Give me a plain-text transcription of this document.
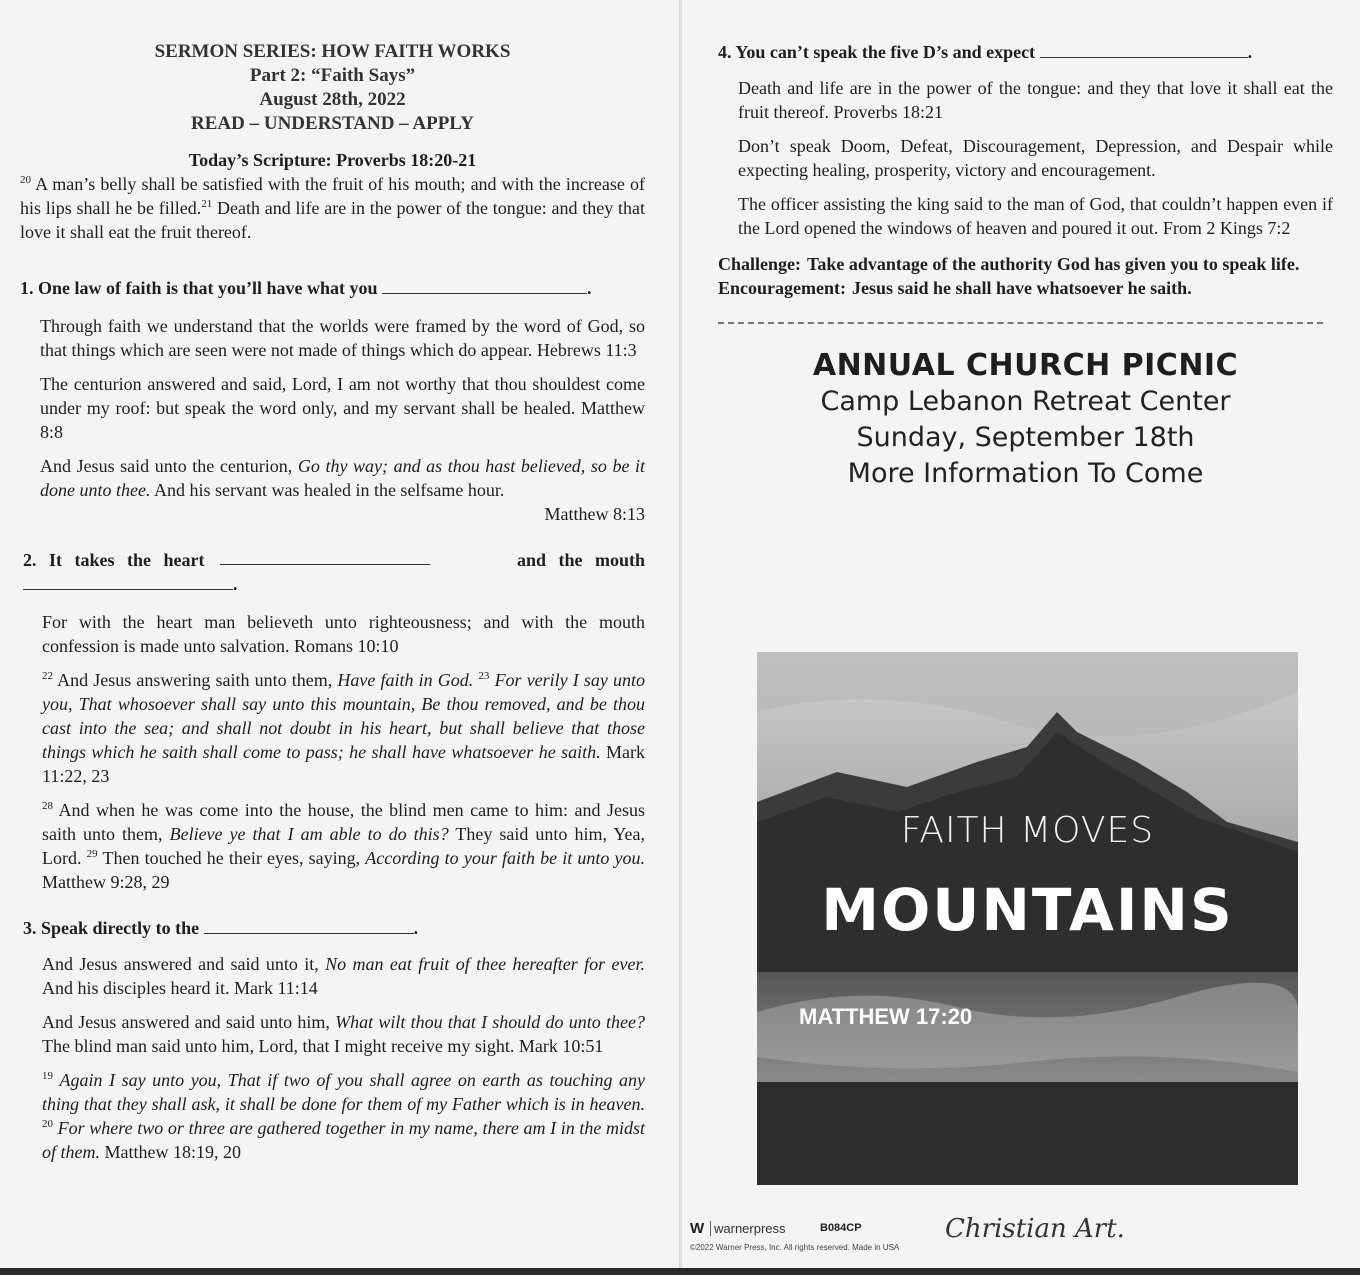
SERMON SERIES: HOW FAITH WORKS
Part 2: “Faith Says”
August 28th, 2022
READ – UNDERSTAND – APPLY
Today’s Scripture: Proverbs 18:20-21
$^{20}$ A man’s belly shall be satisfied with the fruit of his mouth; and with the increase of his lips shall he be filled.$^{21}$ Death and life are in the power of the tongue: and they that love it shall eat the fruit thereof.
1. One law of faith is that you’ll have what you	.
Through faith we understand that the worlds were framed by the word of God, so that things which are seen were not made of things which do appear. Hebrews 11:3
The centurion answered and said, Lord, I am not worthy that thou shouldest come under my roof: but speak the word only, and my servant shall be healed. Matthew 8:8
And Jesus said unto the centurion, Go thy way; and as thou hast believed, so be it done unto thee. And his servant was healed in the selfsame hour.
Matthew 8:13
2. It takes the heart	and the mouth
.
For with the heart man believeth unto righteousness; and with the mouth confession is made unto salvation. Romans 10:10
$^{22}$ And Jesus answering saith unto them, Have faith in God. $^{23}$ For verily I say unto you, That whosoever shall say unto this mountain, Be thou removed, and be thou cast into the sea; and shall not doubt in his heart, but shall believe that those things which he saith shall come to pass; he shall have whatsoever he saith. Mark 11:22, 23
$^{28}$ And when he was come into the house, the blind men came to him: and Jesus saith unto them, Believe ye that I am able to do this? They said unto him, Yea, Lord. $^{29}$ Then touched he their eyes, saying, According to your faith be it unto you. Matthew 9:28, 29
3. Speak directly to the	.
And Jesus answered and said unto it, No man eat fruit of thee hereafter for ever. And his disciples heard it. Mark 11:14
And Jesus answered and said unto him, What wilt thou that I should do unto thee? The blind man said unto him, Lord, that I might receive my sight. Mark 10:51
$^{19}$ Again I say unto you, That if two of you shall agree on earth as touching any thing that they shall ask, it shall be done for them of my Father which is in heaven. $^{20}$ For where two or three are gathered together in my name, there am I in the midst of them. Matthew 18:19, 20
4. You can’t speak the five D’s and expect	.
Death and life are in the power of the tongue: and they that love it shall eat the fruit thereof. Proverbs 18:21
Don’t speak Doom, Defeat, Discouragement, Depression, and Despair while expecting healing, prosperity, victory and encouragement.
The officer assisting the king said to the man of God, that couldn’t happen even if the Lord opened the windows of heaven and poured it out. From 2 Kings 7:2
Challenge: Take advantage of the authority God has given you to speak life.
Encouragement: Jesus said he shall have whatsoever he saith.
ANNUAL CHURCH PICNIC
Camp Lebanon Retreat Center
Sunday, September 18th
More Information To Come
FAITH MOVES
MOUNTAINS
MATTHEW 17:20
W warnerpress	B084CP
©2022 Warner Press, Inc. All rights reserved. Made in USA
Christian Art.
